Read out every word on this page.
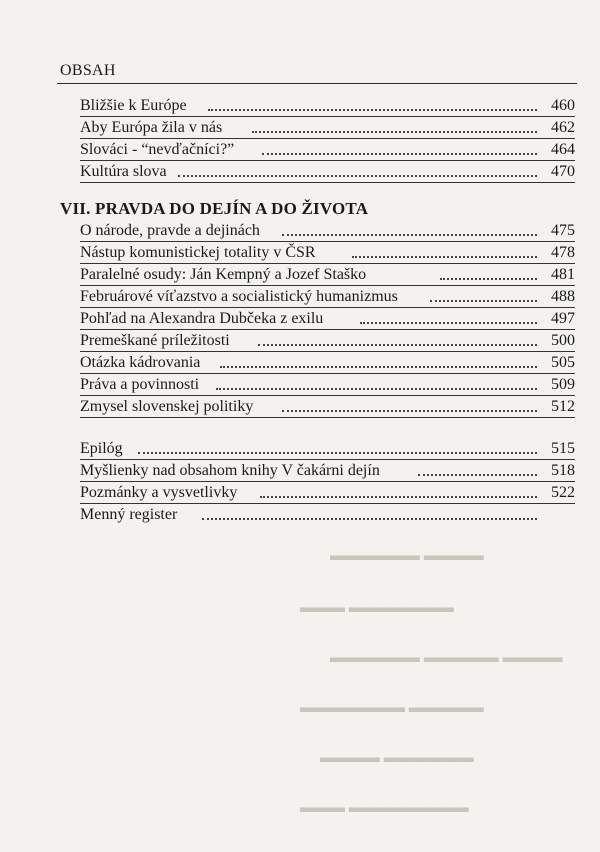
OBSAH
Bližšie k Európe	460
Aby Európa žila v nás	462
Slováci - “nevďačníci?”	464
Kultúra slova	470
VII. PRAVDA DO DEJÍN A DO ŽIVOTA
O národe, pravde a dejinách	475
Nástup komunistickej totality v ČSR	478
Paralelné osudy: Ján Kempný a Jozef Staško	481
Februárové víťazstvo a socialistický humanizmus	488
Pohľad na Alexandra Dubčeka z exilu	497
Premeškané príležitosti	500
Otázka kádrovania	505
Práva a povinnosti	509
Zmysel slovenskej politiky	512
Epilóg	515
Myšlienky nad obsahom knihy V čakárni dejín	518
Pozmánky a vysvetlivky	522
Menný register
▬▬▬▬ ▬▬▬▬▬▬
▬▬▬▬▬▬▬ ▬▬▬
▬▬▬▬ ▬▬▬▬▬ ▬▬▬▬▬▬
▬▬▬▬▬ ▬▬▬▬▬▬▬
▬▬▬▬▬▬ ▬▬▬▬
▬▬▬▬▬▬▬▬ ▬▬▬
